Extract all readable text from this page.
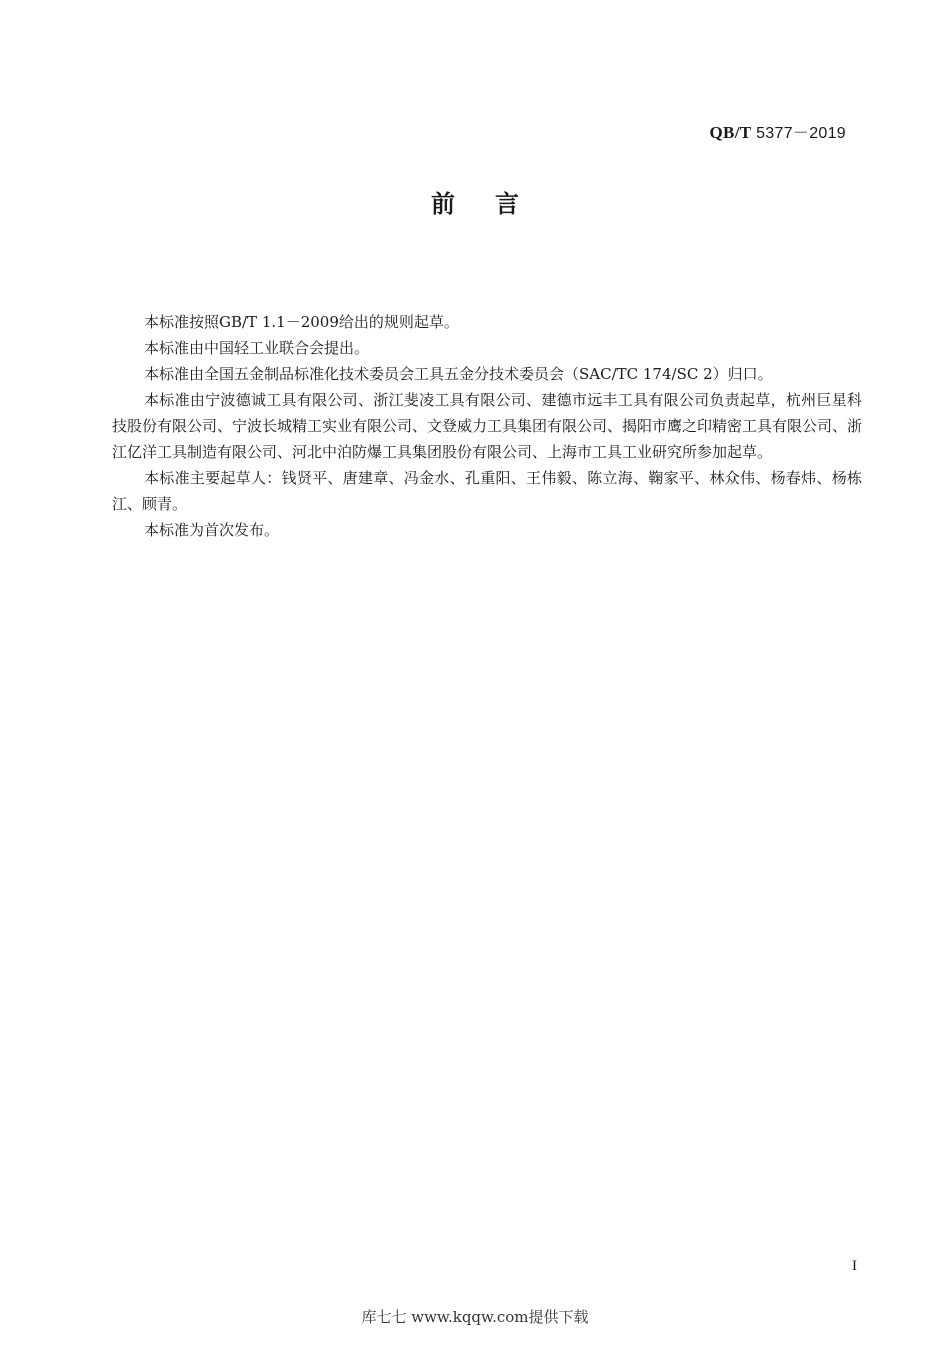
QB/T 5377－2019
前言

本标准按照GB/T 1.1－2009给出的规则起草。

本标准由中国轻工业联合会提出。

本标准由全国五金制品标准化技术委员会工具五金分技术委员会（SAC/TC 174/SC 2）归口。

本标准由宁波德诚工具有限公司、浙江斐凌工具有限公司、建德市远丰工具有限公司负责起草，杭州巨星科技股份有限公司、宁波长城精工实业有限公司、文登威力工具集团有限公司、揭阳市鹰之印精密工具有限公司、浙江亿洋工具制造有限公司、河北中泊防爆工具集团股份有限公司、上海市工具工业研究所参加起草。

本标准主要起草人：钱贤平、唐建章、冯金水、孔重阳、王伟毅、陈立海、鞠家平、林众伟、杨春炜、杨栋江、顾青。

本标准为首次发布。

I
库七七 www.kqqw.com提供下载
